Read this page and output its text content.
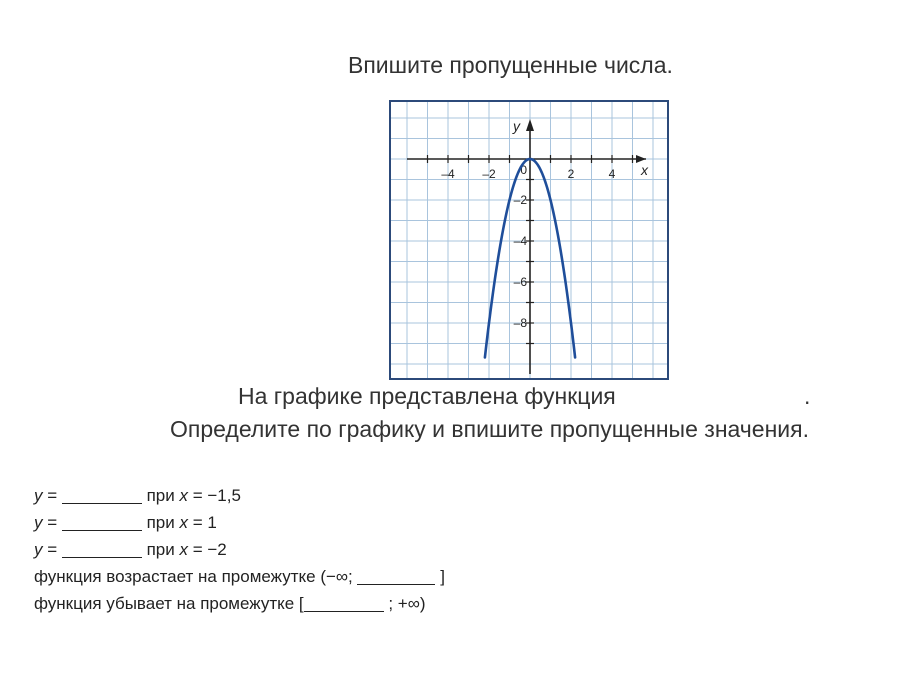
Впишите пропущенные числа.
–4 –2	2	4
–2
–4
–6
–8
0	x
y
На графике представлена функция	.
Определите по графику и впишите пропущенные значения.
y =	при x = −1,5
y =	при x = 1
y =	при x = −2
функция возрастает на промежутке (−∞;	]
функция убывает на промежутке [	; +∞)
